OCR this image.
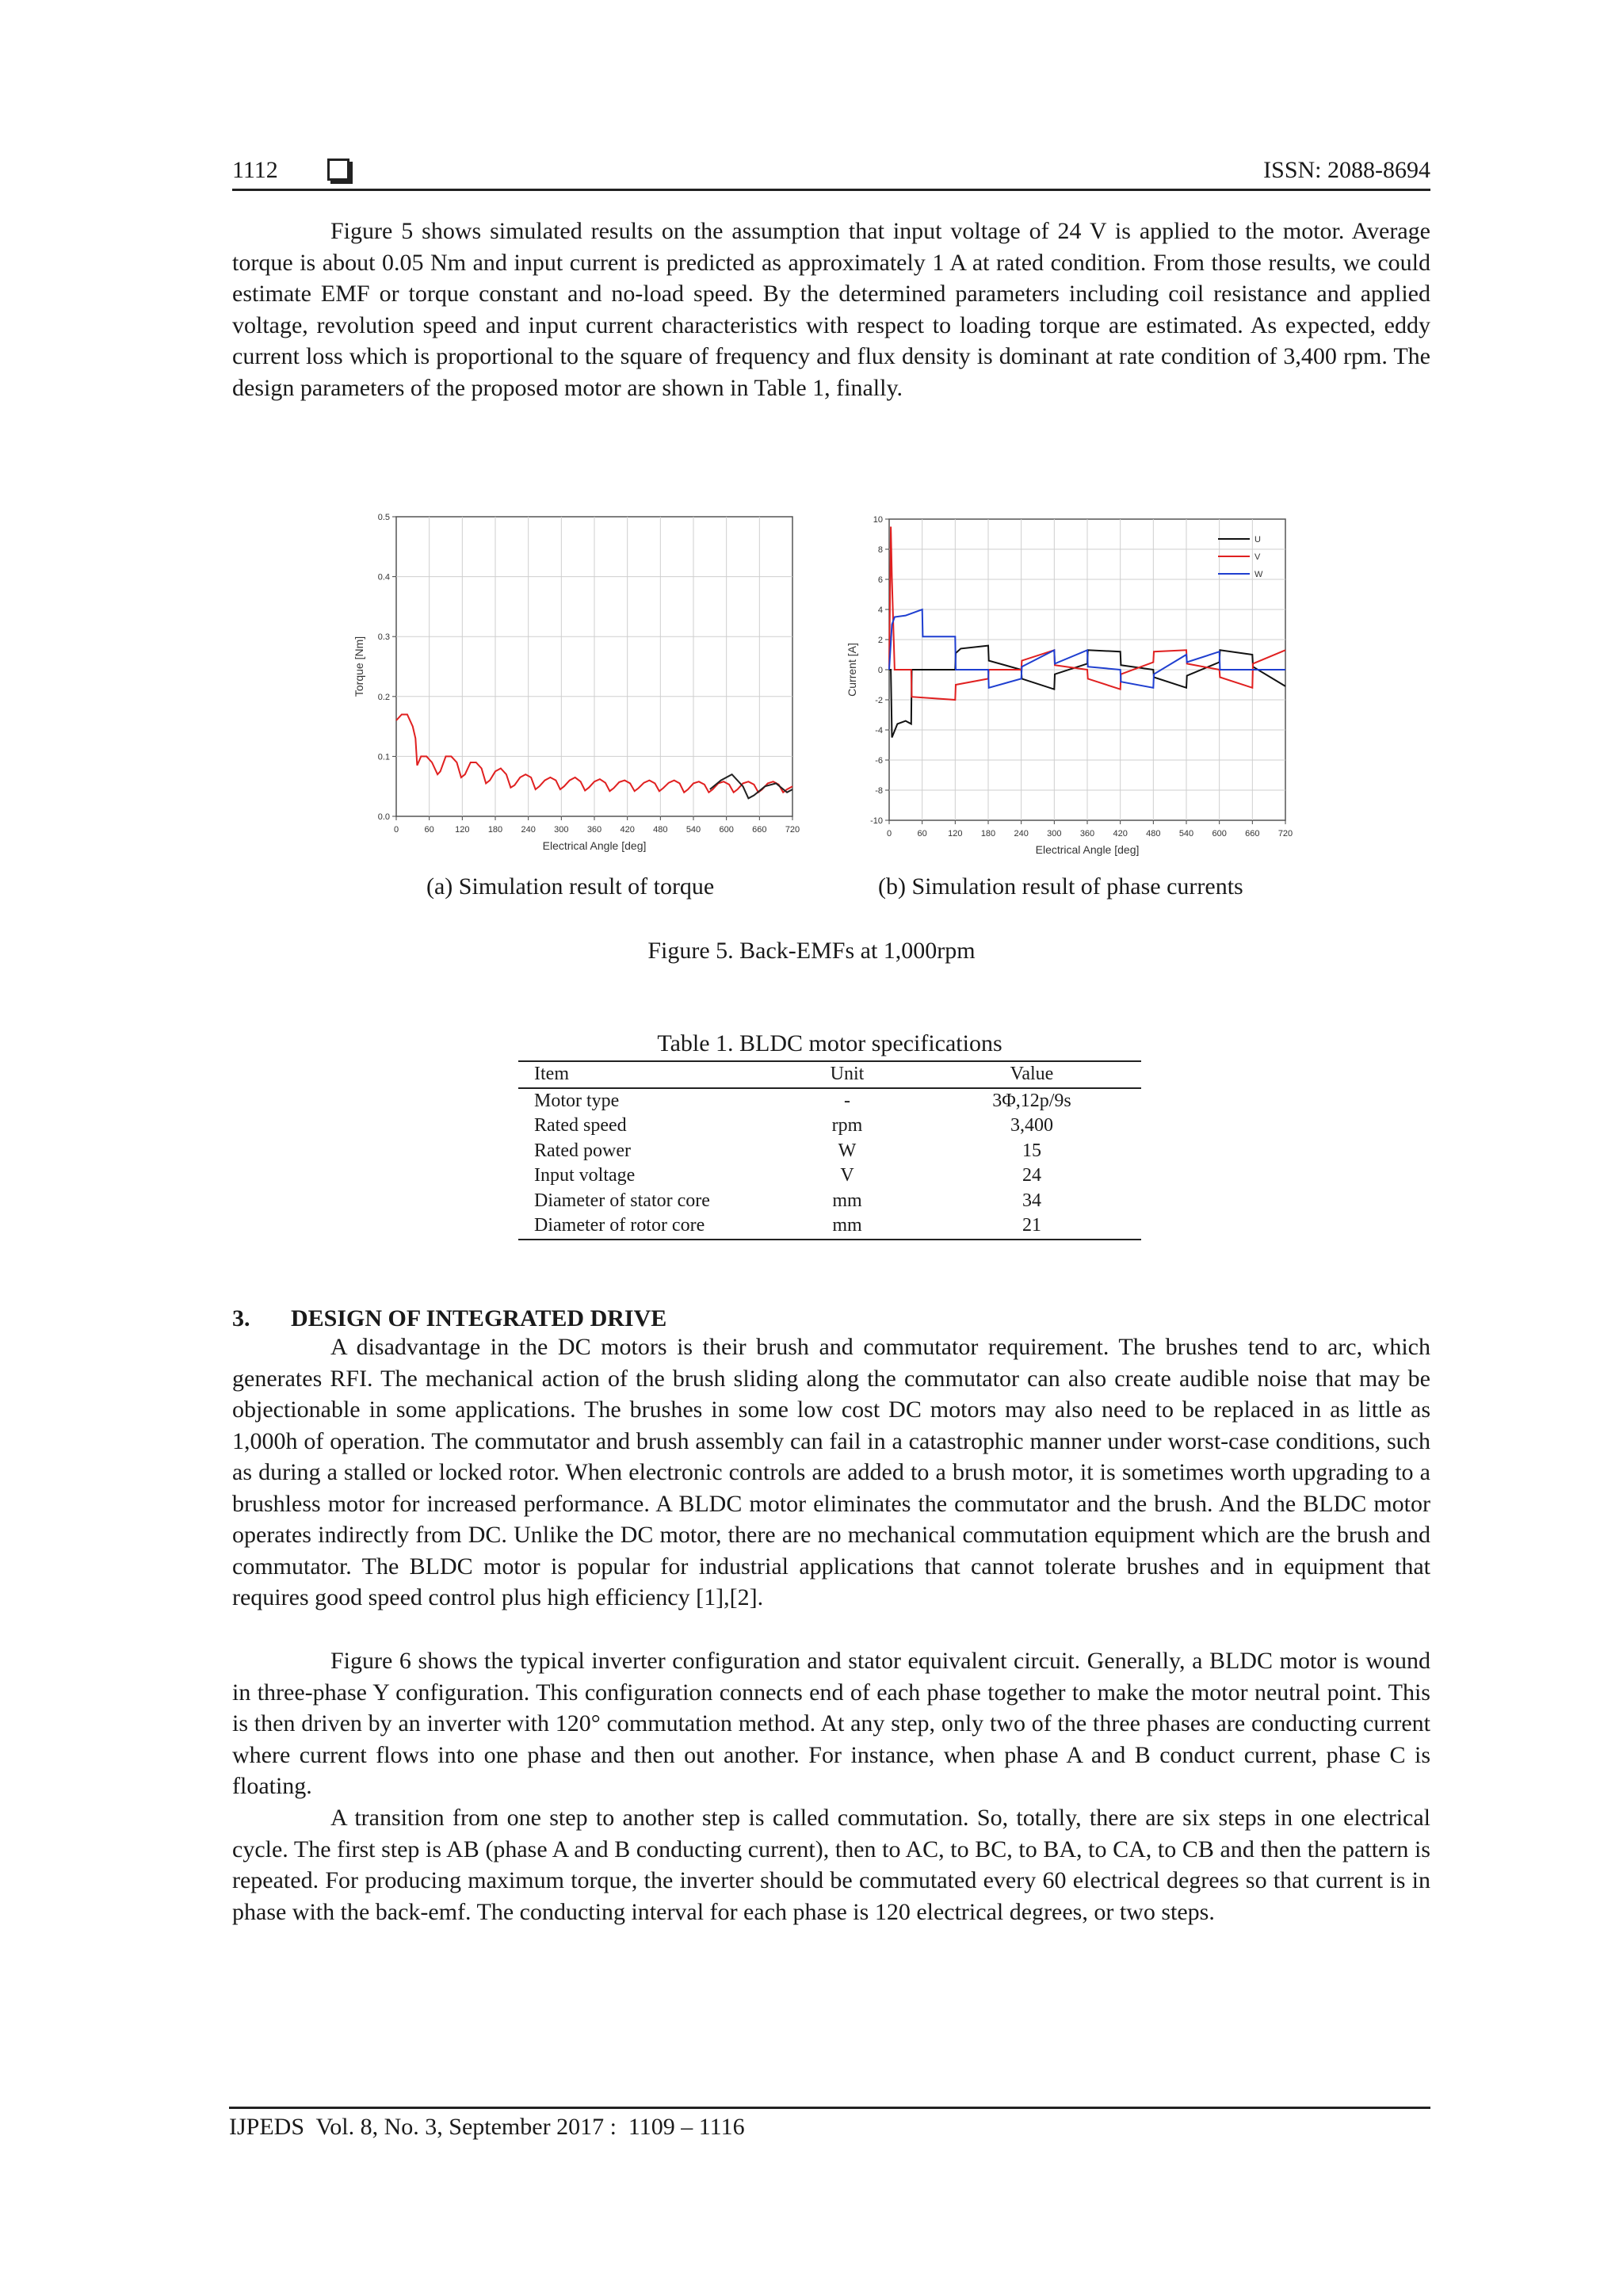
1112	ISSN: 2088-8694

Figure 5 shows simulated results on the assumption that input voltage of 24 V is applied to the motor. Average torque is about 0.05 Nm and input current is predicted as approximately 1 A at rated condition. From those results, we could estimate EMF or torque constant and no-load speed. By the determined parameters including coil resistance and applied voltage, revolution speed and input current characteristics with respect to loading torque are estimated. As expected, eddy current loss which is proportional to the square of frequency and flux density is dominant at rate condition of 3,400 rpm. The design parameters of the proposed motor are shown in Table 1, finally.

0	60 120 180 240 300 360 420 480 540 600 660 720
0.0
0.1
0.2
0.3
0.4
0.5
Electrical Angle [deg]
Torque [Nm]
0	60 120 180 240 300 360 420 480 540 600 660 720
-10
-8
-6
-4
-2
0
2
4
6
8
10
Electrical Angle [deg]
Current [A]
U
V
W
(a) Simulation result of torque	(b) Simulation result of phase currents
Figure 5. Back-EMFs at 1,000rpm
Table 1. BLDC motor specifications
Item	Unit	Value
Motor type	-	3Φ,12p/9s
Rated speed	rpm	3,400
Rated power	W	15
Input voltage	V	24
Diameter of stator core	mm	34
Diameter of rotor core	mm	21
3. DESIGN OF INTEGRATED DRIVE

A disadvantage in the DC motors is their brush and commutator requirement. The brushes tend to arc, which generates RFI. The mechanical action of the brush sliding along the commutator can also create audible noise that may be objectionable in some applications. The brushes in some low cost DC motors may also need to be replaced in as little as 1,000h of operation. The commutator and brush assembly can fail in a catastrophic manner under worst-case conditions, such as during a stalled or locked rotor. When electronic controls are added to a brush motor, it is sometimes worth upgrading to a brushless motor for increased performance. A BLDC motor eliminates the commutator and the brush. And the BLDC motor operates indirectly from DC. Unlike the DC motor, there are no mechanical commutation equipment which are the brush and commutator. The BLDC motor is popular for industrial applications that cannot tolerate brushes and in equipment that requires good speed control plus high efficiency [1],[2].

Figure 6 shows the typical inverter configuration and stator equivalent circuit. Generally, a BLDC motor is wound in three-phase Y configuration. This configuration connects end of each phase together to make the motor neutral point. This is then driven by an inverter with 120° commutation method. At any step, only two of the three phases are conducting current where current flows into one phase and then out another. For instance, when phase A and B conduct current, phase C is floating.

A transition from one step to another step is called commutation. So, totally, there are six steps in one electrical cycle. The first step is AB (phase A and B conducting current), then to AC, to BC, to BA, to CA, to CB and then the pattern is repeated. For producing maximum torque, the inverter should be commutated every 60 electrical degrees so that current is in phase with the back-emf. The conducting interval for each phase is 120 electrical degrees, or two steps.

IJPEDS  Vol. 8, No. 3, September 2017 :  1109 – 1116
